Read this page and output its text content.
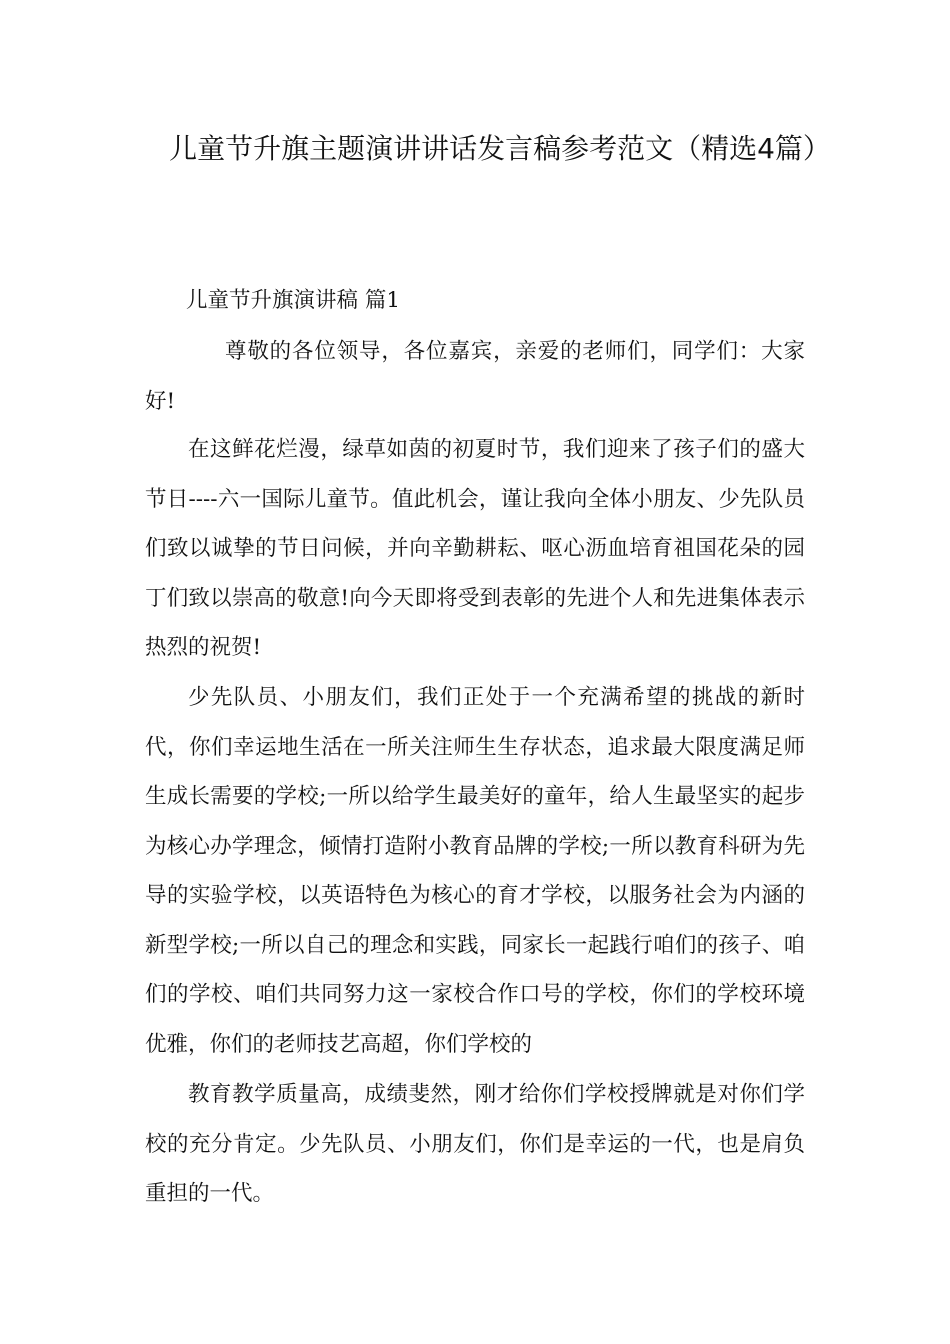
儿童节升旗主题演讲讲话发言稿参考范文（精选4篇）

儿童节升旗演讲稿 篇1

尊敬的各位领导，各位嘉宾，亲爱的老师们，同学们：大家好!

在这鲜花烂漫，绿草如茵的初夏时节，我们迎来了孩子们的盛大节日----六一国际儿童节。值此机会，谨让我向全体小朋友、少先队员们致以诚挚的节日问候，并向辛勤耕耘、呕心沥血培育祖国花朵的园丁们致以崇高的敬意!向今天即将受到表彰的先进个人和先进集体表示热烈的祝贺!

少先队员、小朋友们，我们正处于一个充满希望的挑战的新时代，你们幸运地生活在一所关注师生生存状态，追求最大限度满足师生成长需要的学校;一所以给学生最美好的童年，给人生最坚实的起步为核心办学理念，倾情打造附小教育品牌的学校;一所以教育科研为先导的实验学校，以英语特色为核心的育才学校，以服务社会为内涵的新型学校;一所以自己的理念和实践，同家长一起践行咱们的孩子、咱们的学校、咱们共同努力这一家校合作口号的学校，你们的学校环境优雅，你们的老师技艺高超，你们学校的

教育教学质量高，成绩斐然，刚才给你们学校授牌就是对你们学校的充分肯定。少先队员、小朋友们，你们是幸运的一代，也是肩负重担的一代。
